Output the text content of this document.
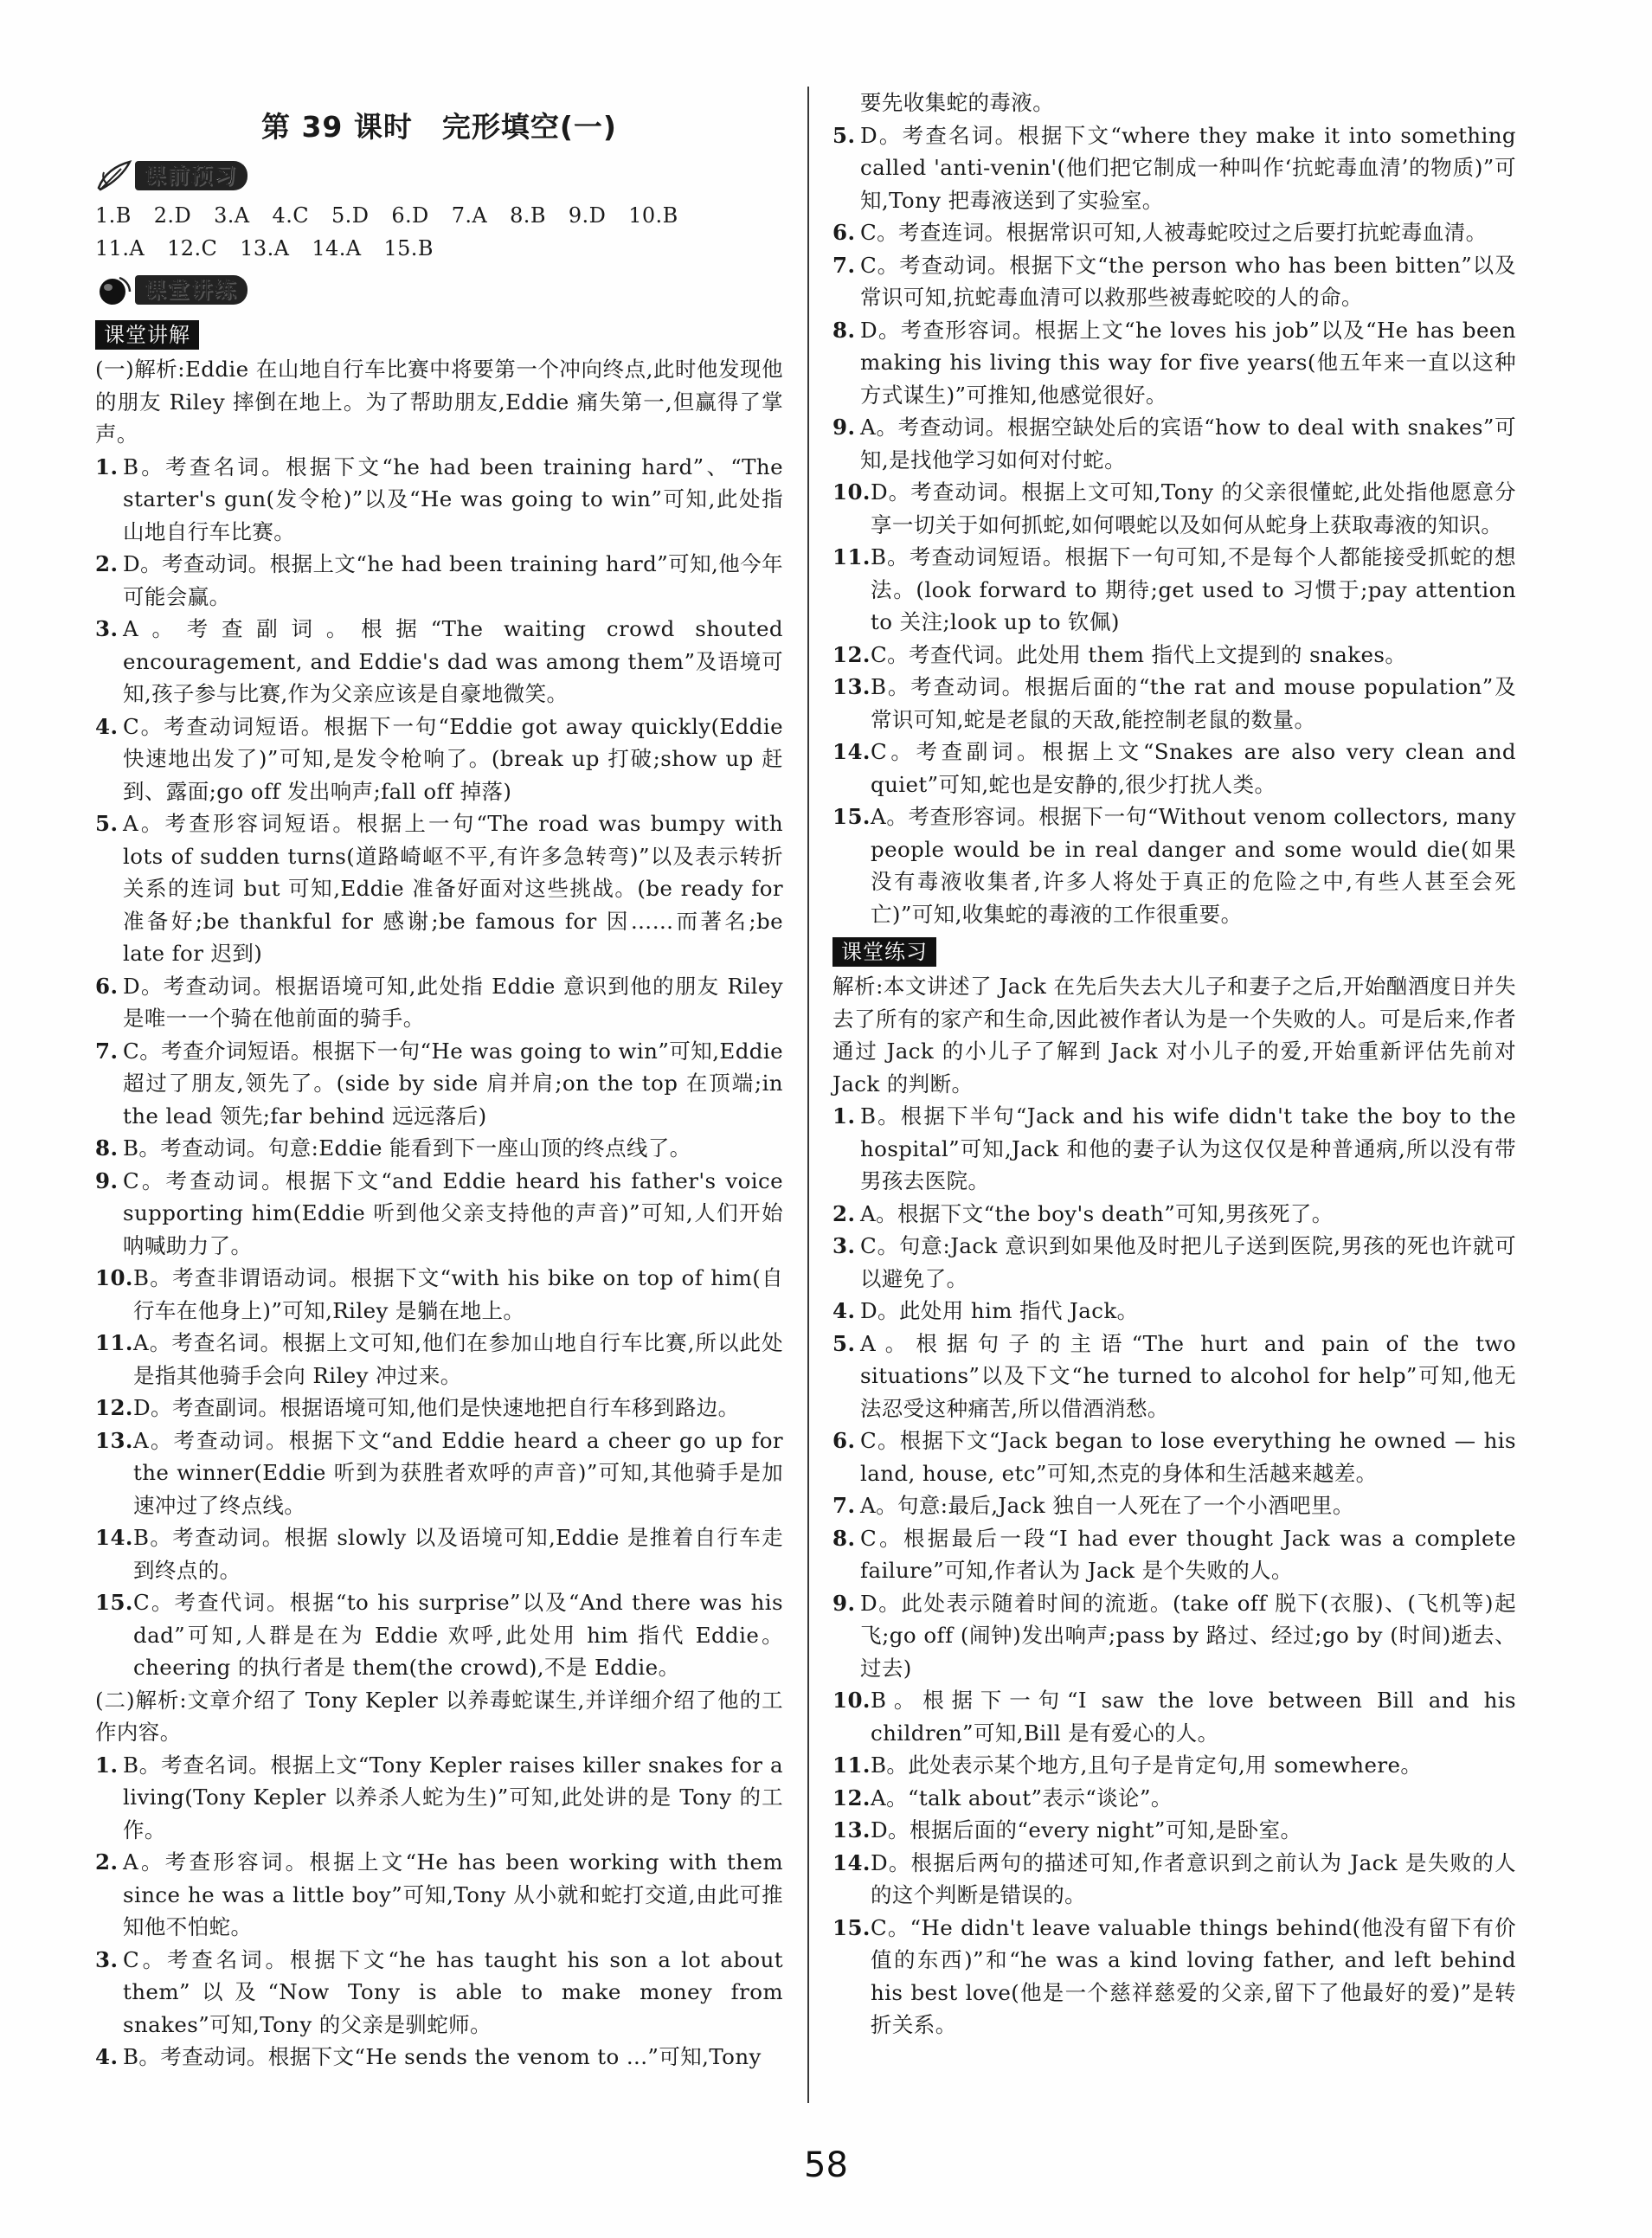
第 39 课时　完形填空(一)
课前预习
1.B 2.D 3.A 4.C 5.D 6.D 7.A 8.B 9.D 10.B
11.A 12.C 13.A 14.A 15.B
课堂讲练
课堂讲解
(一)解析:Eddie 在山地自行车比赛中将要第一个冲向终点,此时他发现他的朋友 Riley 摔倒在地上。为了帮助朋友,Eddie 痛失第一,但赢得了掌声。
1. B。考查名词。根据下文“he had been training hard”、“The starter's gun(发令枪)”以及“He was going to win”可知,此处指山地自行车比赛。
2. D。考查动词。根据上文“he had been training hard”可知,他今年可能会赢。
3. A。考查副词。根据“The waiting crowd shouted encouragement, and Eddie's dad was among them”及语境可知,孩子参与比赛,作为父亲应该是自豪地微笑。
4. C。考查动词短语。根据下一句“Eddie got away quickly(Eddie 快速地出发了)”可知,是发令枪响了。(break up 打破;show up 赶到、露面;go off 发出响声;fall off 掉落)
5. A。考查形容词短语。根据上一句“The road was bumpy with lots of sudden turns(道路崎岖不平,有许多急转弯)”以及表示转折关系的连词 but 可知,Eddie 准备好面对这些挑战。(be ready for 准备好;be thankful for 感谢;be famous for 因……而著名;be late for 迟到)
6. D。考查动词。根据语境可知,此处指 Eddie 意识到他的朋友 Riley 是唯一一个骑在他前面的骑手。
7. C。考查介词短语。根据下一句“He was going to win”可知,Eddie 超过了朋友,领先了。(side by side 肩并肩;on the top 在顶端;in the lead 领先;far behind 远远落后)
8. B。考查动词。句意:Eddie 能看到下一座山顶的终点线了。
9. C。考查动词。根据下文“and Eddie heard his father's voice supporting him(Eddie 听到他父亲支持他的声音)”可知,人们开始呐喊助力了。
10. B。考查非谓语动词。根据下文“with his bike on top of him(自行车在他身上)”可知,Riley 是躺在地上。
11. A。考查名词。根据上文可知,他们在参加山地自行车比赛,所以此处是指其他骑手会向 Riley 冲过来。
12. D。考查副词。根据语境可知,他们是快速地把自行车移到路边。
13. A。考查动词。根据下文“and Eddie heard a cheer go up for the winner(Eddie 听到为获胜者欢呼的声音)”可知,其他骑手是加速冲过了终点线。
14. B。考查动词。根据 slowly 以及语境可知,Eddie 是推着自行车走到终点的。
15. C。考查代词。根据“to his surprise”以及“And there was his dad”可知,人群是在为 Eddie 欢呼,此处用 him 指代 Eddie。cheering 的执行者是 them(the crowd),不是 Eddie。
(二)解析:文章介绍了 Tony Kepler 以养毒蛇谋生,并详细介绍了他的工作内容。
1. B。考查名词。根据上文“Tony Kepler raises killer snakes for a living(Tony Kepler 以养杀人蛇为生)”可知,此处讲的是 Tony 的工作。
2. A。考查形容词。根据上文“He has been working with them since he was a little boy”可知,Tony 从小就和蛇打交道,由此可推知他不怕蛇。
3. C。考查名词。根据下文“he has taught his son a lot about them”以及“Now Tony is able to make money from snakes”可知,Tony 的父亲是驯蛇师。
4. B。考查动词。根据下文“He sends the venom to ...”可知,Tony
要先收集蛇的毒液。
5. D。考查名词。根据下文“where they make it into something called 'anti-venin'(他们把它制成一种叫作‘抗蛇毒血清’的物质)”可知,Tony 把毒液送到了实验室。
6. C。考查连词。根据常识可知,人被毒蛇咬过之后要打抗蛇毒血清。
7. C。考查动词。根据下文“the person who has been bitten”以及常识可知,抗蛇毒血清可以救那些被毒蛇咬的人的命。
8. D。考查形容词。根据上文“he loves his job”以及“He has been making his living this way for five years(他五年来一直以这种方式谋生)”可推知,他感觉很好。
9. A。考查动词。根据空缺处后的宾语“how to deal with snakes”可知,是找他学习如何对付蛇。
10. D。考查动词。根据上文可知,Tony 的父亲很懂蛇,此处指他愿意分享一切关于如何抓蛇,如何喂蛇以及如何从蛇身上获取毒液的知识。
11. B。考查动词短语。根据下一句可知,不是每个人都能接受抓蛇的想法。(look forward to 期待;get used to 习惯于;pay attention to 关注;look up to 钦佩)
12. C。考查代词。此处用 them 指代上文提到的 snakes。
13. B。考查动词。根据后面的“the rat and mouse population”及常识可知,蛇是老鼠的天敌,能控制老鼠的数量。
14. C。考查副词。根据上文“Snakes are also very clean and quiet”可知,蛇也是安静的,很少打扰人类。
15. A。考查形容词。根据下一句“Without venom collectors, many people would be in real danger and some would die(如果没有毒液收集者,许多人将处于真正的危险之中,有些人甚至会死亡)”可知,收集蛇的毒液的工作很重要。
课堂练习
解析:本文讲述了 Jack 在先后失去大儿子和妻子之后,开始酗酒度日并失去了所有的家产和生命,因此被作者认为是一个失败的人。可是后来,作者通过 Jack 的小儿子了解到 Jack 对小儿子的爱,开始重新评估先前对 Jack 的判断。
1. B。根据下半句“Jack and his wife didn't take the boy to the hospital”可知,Jack 和他的妻子认为这仅仅是种普通病,所以没有带男孩去医院。
2. A。根据下文“the boy's death”可知,男孩死了。
3. C。句意:Jack 意识到如果他及时把儿子送到医院,男孩的死也许就可以避免了。
4. D。此处用 him 指代 Jack。
5. A。根据句子的主语“The hurt and pain of the two situations”以及下文“he turned to alcohol for help”可知,他无法忍受这种痛苦,所以借酒消愁。
6. C。根据下文“Jack began to lose everything he owned — his land, house, etc”可知,杰克的身体和生活越来越差。
7. A。句意:最后,Jack 独自一人死在了一个小酒吧里。
8. C。根据最后一段“I had ever thought Jack was a complete failure”可知,作者认为 Jack 是个失败的人。
9. D。此处表示随着时间的流逝。(take off 脱下(衣服)、(飞机等)起飞;go off (闹钟)发出响声;pass by 路过、经过;go by (时间)逝去、过去)
10. B。根据下一句“I saw the love between Bill and his children”可知,Bill 是有爱心的人。
11. B。此处表示某个地方,且句子是肯定句,用 somewhere。
12. A。“talk about”表示“谈论”。
13. D。根据后面的“every night”可知,是卧室。
14. D。根据后两句的描述可知,作者意识到之前认为 Jack 是失败的人的这个判断是错误的。
15. C。“He didn't leave valuable things behind(他没有留下有价值的东西)”和“he was a kind loving father, and left behind his best love(他是一个慈祥慈爱的父亲,留下了他最好的爱)”是转折关系。
58
